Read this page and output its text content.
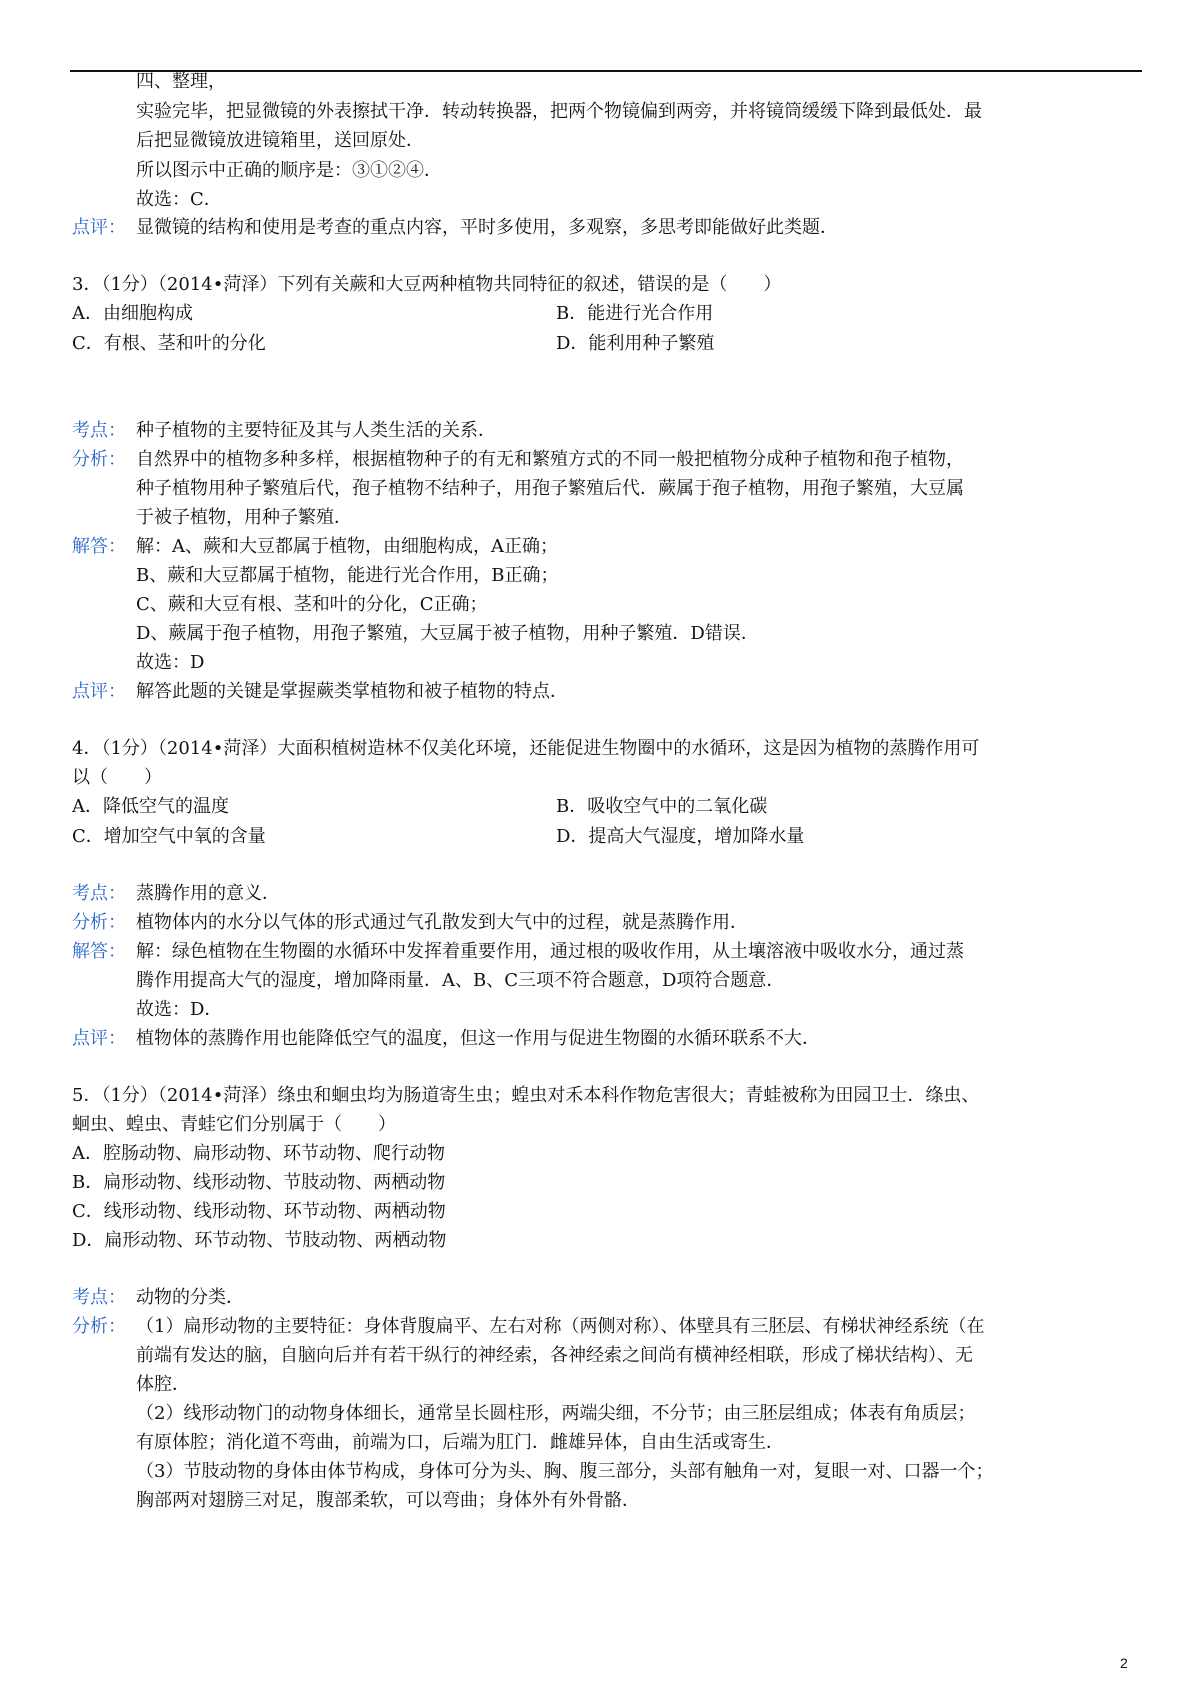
四、整理，
实验完毕，把显微镜的外表擦拭干净．转动转换器，把两个物镜偏到两旁，并将镜筒缓缓下降到最低处．最
后把显微镜放进镜箱里，送回原处．
所以图示中正确的顺序是：③①②④．
故选：C．
点评： 显微镜的结构和使用是考查的重点内容，平时多使用，多观察，多思考即能做好此类题．
3．（1分）（2014•菏泽）下列有关蕨和大豆两种植物共同特征的叙述，错误的是（　　）
A．由细胞构成	B．能进行光合作用
C．有根、茎和叶的分化	D．能利用种子繁殖
考点： 种子植物的主要特征及其与人类生活的关系．
分析： 自然界中的植物多种多样，根据植物种子的有无和繁殖方式的不同一般把植物分成种子植物和孢子植物，
种子植物用种子繁殖后代，孢子植物不结种子，用孢子繁殖后代．蕨属于孢子植物，用孢子繁殖，大豆属
于被子植物，用种子繁殖．
解答： 解：A、蕨和大豆都属于植物，由细胞构成，A正确；
B、蕨和大豆都属于植物，能进行光合作用，B正确；
C、蕨和大豆有根、茎和叶的分化，C正确；
D、蕨属于孢子植物，用孢子繁殖，大豆属于被子植物，用种子繁殖．D错误．
故选：D
点评： 解答此题的关键是掌握蕨类掌植物和被子植物的特点．
4．（1分）（2014•菏泽）大面积植树造林不仅美化环境，还能促进生物圈中的水循环，这是因为植物的蒸腾作用可
以（　　）
A．降低空气的温度	B．吸收空气中的二氧化碳
C．增加空气中氧的含量	D．提高大气湿度，增加降水量
考点： 蒸腾作用的意义．
分析： 植物体内的水分以气体的形式通过气孔散发到大气中的过程，就是蒸腾作用．
解答： 解：绿色植物在生物圈的水循环中发挥着重要作用，通过根的吸收作用，从土壤溶液中吸收水分，通过蒸
腾作用提高大气的湿度，增加降雨量．A、B、C三项不符合题意，D项符合题意．
故选：D．
点评： 植物体的蒸腾作用也能降低空气的温度，但这一作用与促进生物圈的水循环联系不大．
5．（1分）（2014•菏泽）绦虫和蛔虫均为肠道寄生虫；蝗虫对禾本科作物危害很大；青蛙被称为田园卫士．绦虫、
蛔虫、蝗虫、青蛙它们分别属于（　　）
A．腔肠动物、扁形动物、环节动物、爬行动物
B．扁形动物、线形动物、节肢动物、两栖动物
C．线形动物、线形动物、环节动物、两栖动物
D．扁形动物、环节动物、节肢动物、两栖动物
考点： 动物的分类．
分析： （1）扁形动物的主要特征：身体背腹扁平、左右对称（两侧对称）、体壁具有三胚层、有梯状神经系统（在
前端有发达的脑，自脑向后并有若干纵行的神经索，各神经索之间尚有横神经相联，形成了梯状结构）、无
体腔．
（2）线形动物门的动物身体细长，通常呈长圆柱形，两端尖细，不分节；由三胚层组成；体表有角质层；
有原体腔；消化道不弯曲，前端为口，后端为肛门．雌雄异体，自由生活或寄生．
（3）节肢动物的身体由体节构成，身体可分为头、胸、腹三部分，头部有触角一对，复眼一对、口器一个；
胸部两对翅膀三对足，腹部柔软，可以弯曲；身体外有外骨骼．
2
